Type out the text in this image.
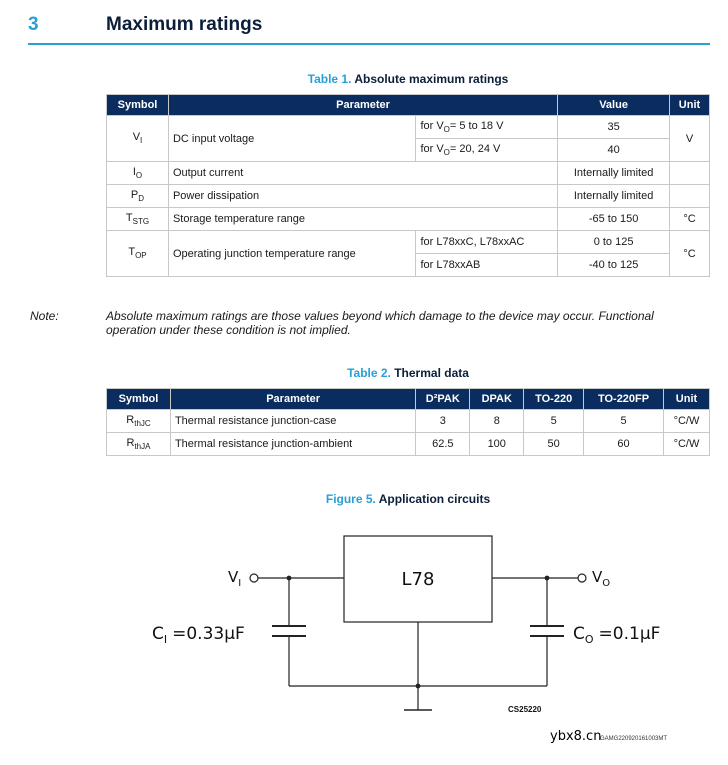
3	Maximum ratings
Table 1. Absolute maximum ratings
Symbol	Parameter		Value	Unit
$V_I$	DC input voltage	for $V_O= 5$ to 18 V	35	V
		for $V_O= 20$, 24 V	40	
$I_O$	Output current		Internally limited	
$P_D$	Power dissipation		Internally limited	
$T_{STG}$	Storage temperature range		-65 to 150	°C
$T_{OP}$	Operating junction temperature range	for L78xxC, L78xxAC	0 to 125	°C
		for L78xxAB	-40 to 125	
Note:	Absolute maximum ratings are those values beyond which damage to the device may occur. Functional operation under these condition is not implied.
Table 2. Thermal data
Symbol	Parameter	D²PAK	DPAK	TO-220	TO-220FP	Unit
$R_{thJC}$	Thermal resistance junction-case	3	8	5	5	°C/W
$R_{thJA}$	Thermal resistance junction-ambient	62.5	100	50	60	°C/W
Figure 5. Application circuits
L78
$V_I$	$V_O$
$C_I =0.33\mu F$	$C_O =0.1\mu F$
CS25220
ybx8.cn
GAMG220920161003MT
